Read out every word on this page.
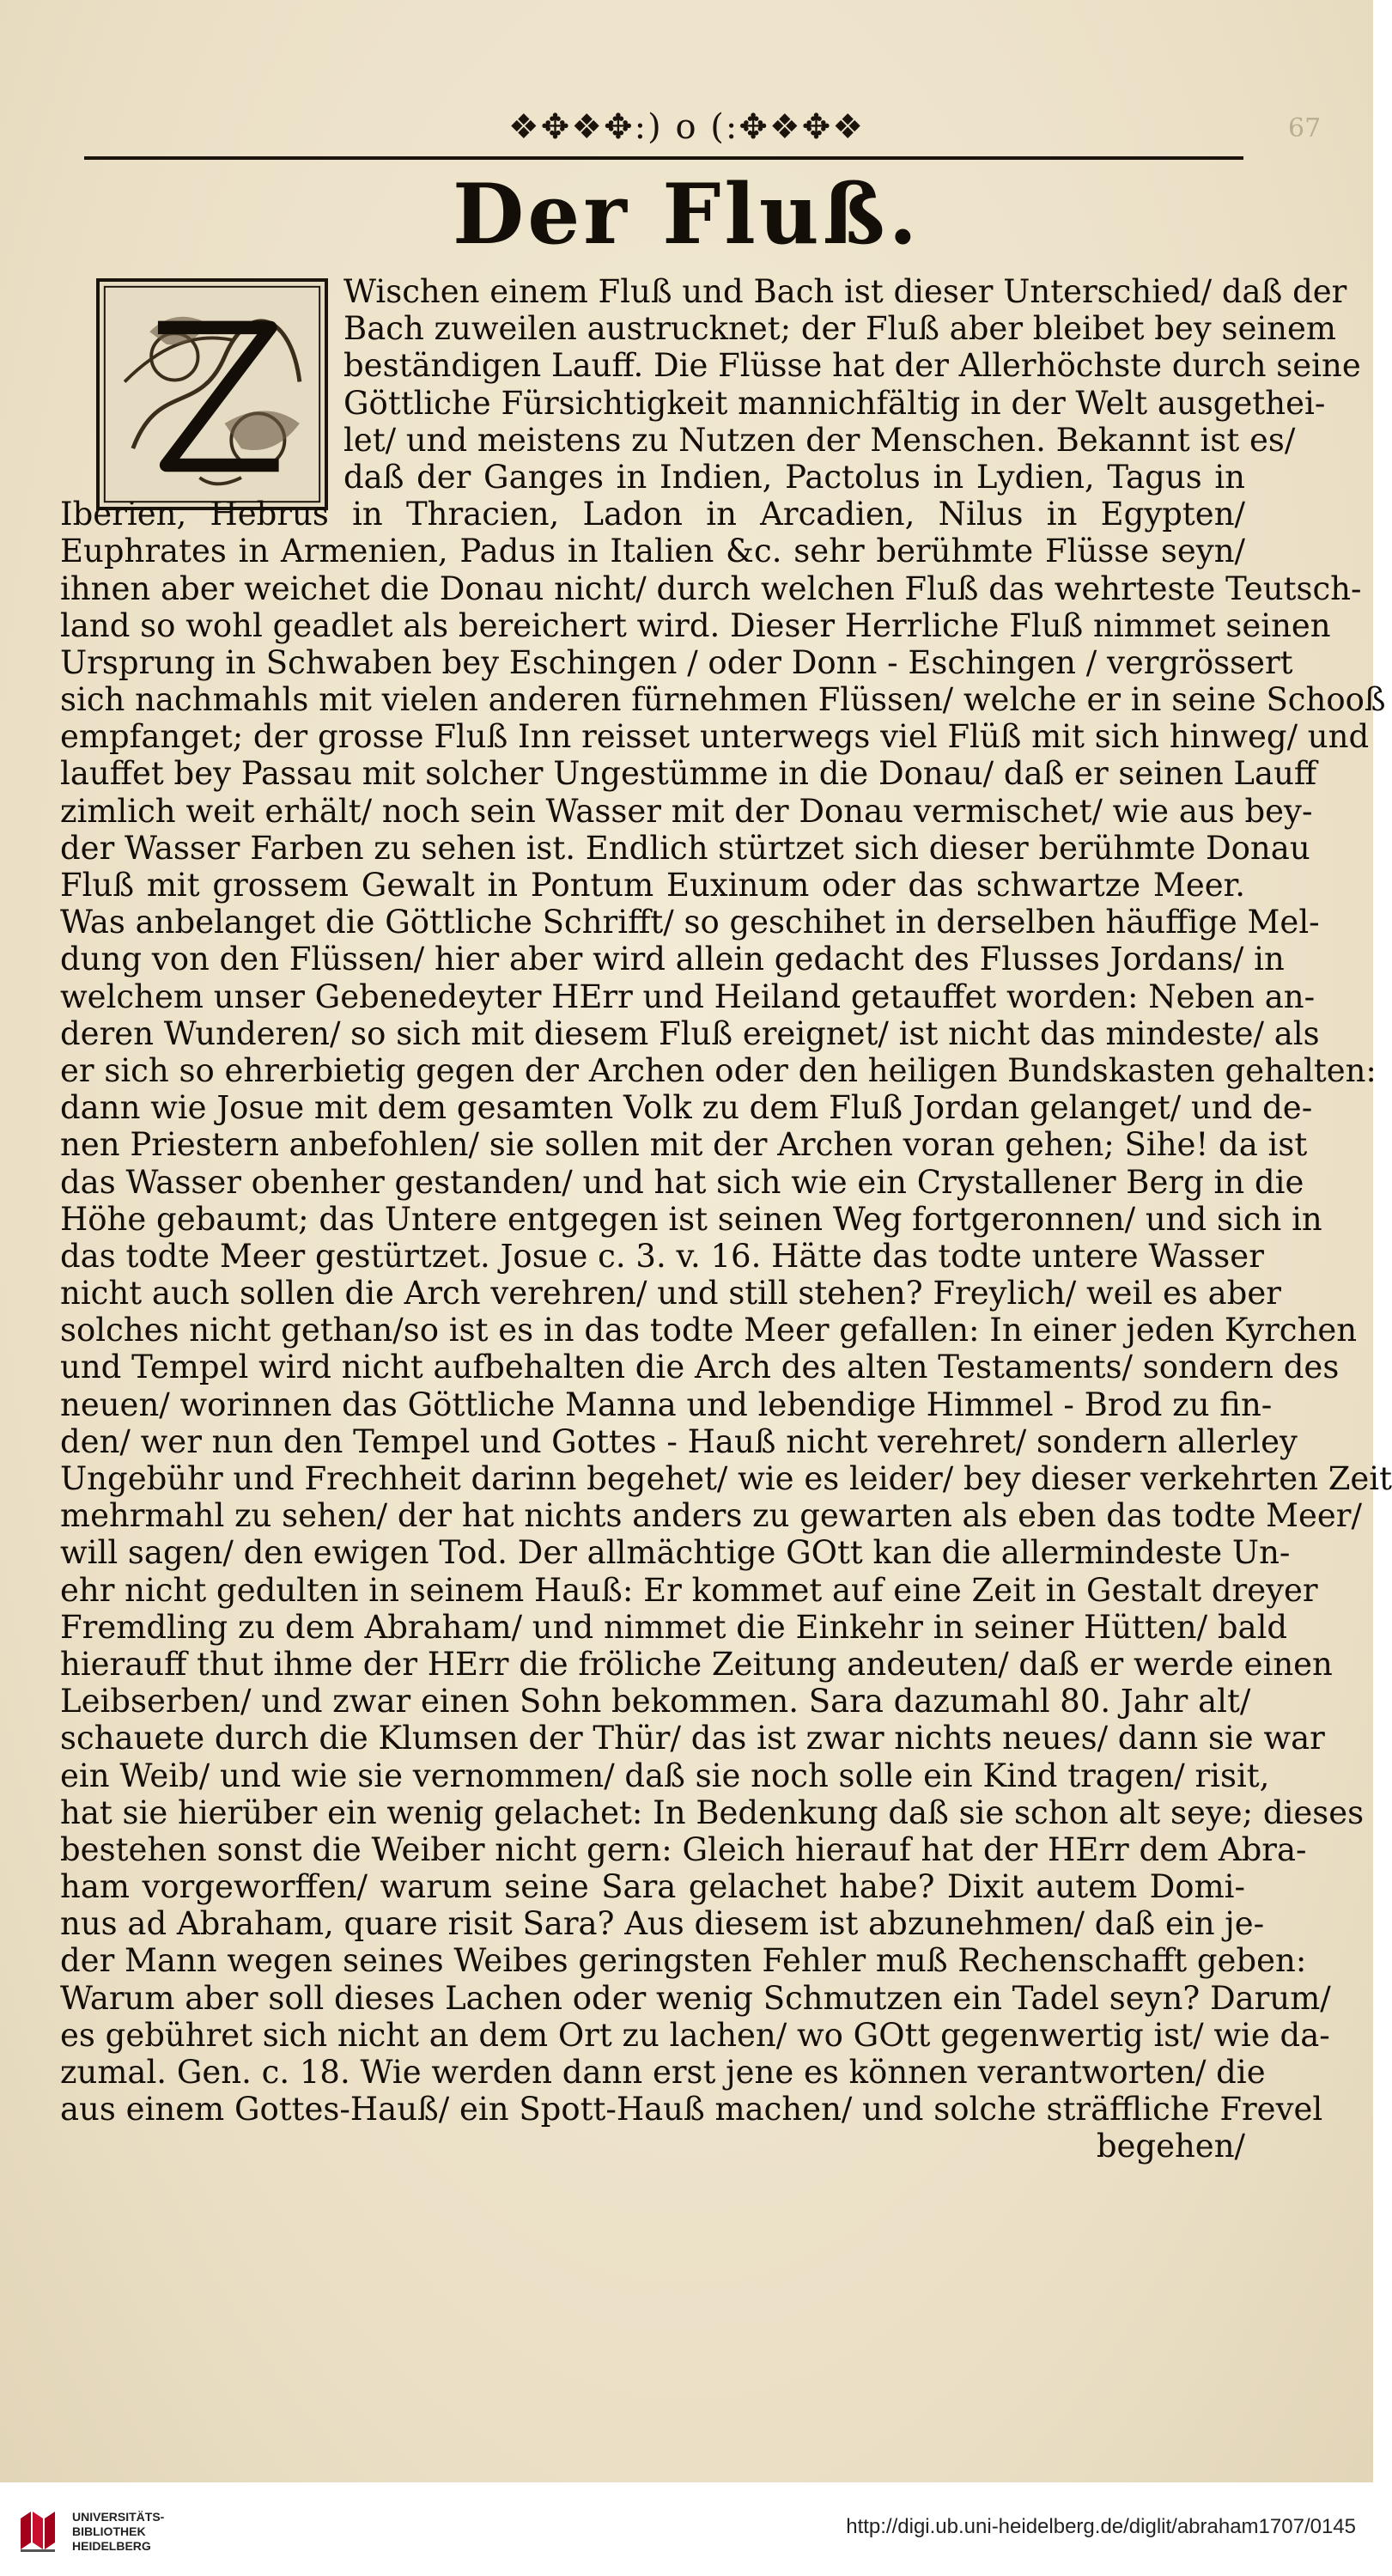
67
❖✥❖✥:) o (:✥❖✥❖
Der Fluß.
Wischen einem Fluß und Bach ist dieser Unterschied/ daß der
Bach zuweilen austrucknet; der Fluß aber bleibet bey seinem
beständigen Lauff. Die Flüsse hat der Allerhöchste durch seine
Göttliche Fürsichtigkeit mannichfältig in der Welt ausgethei-
let/ und meistens zu Nutzen der Menschen. Bekannt ist es/
daß der Ganges in Indien, Pactolus in Lydien, Tagus in
Iberien, Hebrus in Thracien, Ladon in Arcadien, Nilus in Egypten/
Euphrates in Armenien, Padus in Italien &c. sehr berühmte Flüsse seyn/
ihnen aber weichet die Donau nicht/ durch welchen Fluß das wehrteste Teutsch-
land so wohl geadlet als bereichert wird. Dieser Herrliche Fluß nimmet seinen
Ursprung in Schwaben bey Eschingen / oder Donn - Eschingen / vergrössert
sich nachmahls mit vielen anderen fürnehmen Flüssen/ welche er in seine Schooß
empfanget; der grosse Fluß Inn reisset unterwegs viel Flüß mit sich hinweg/ und
lauffet bey Passau mit solcher Ungestümme in die Donau/ daß er seinen Lauff
zimlich weit erhält/ noch sein Wasser mit der Donau vermischet/ wie aus bey-
der Wasser Farben zu sehen ist. Endlich stürtzet sich dieser berühmte Donau
Fluß mit grossem Gewalt in Pontum Euxinum oder das schwartze Meer.
Was anbelanget die Göttliche Schrifft/ so geschihet in derselben häuffige Mel-
dung von den Flüssen/ hier aber wird allein gedacht des Flusses Jordans/ in
welchem unser Gebenedeyter HErr und Heiland getauffet worden: Neben an-
deren Wunderen/ so sich mit diesem Fluß ereignet/ ist nicht das mindeste/ als
er sich so ehrerbietig gegen der Archen oder den heiligen Bundskasten gehalten:
dann wie Josue mit dem gesamten Volk zu dem Fluß Jordan gelanget/ und de-
nen Priestern anbefohlen/ sie sollen mit der Archen voran gehen; Sihe! da ist
das Wasser obenher gestanden/ und hat sich wie ein Crystallener Berg in die
Höhe gebaumt; das Untere entgegen ist seinen Weg fortgeronnen/ und sich in
das todte Meer gestürtzet. Josue c. 3. v. 16. Hätte das todte untere Wasser
nicht auch sollen die Arch verehren/ und still stehen? Freylich/ weil es aber
solches nicht gethan/so ist es in das todte Meer gefallen: In einer jeden Kyrchen
und Tempel wird nicht aufbehalten die Arch des alten Testaments/ sondern des
neuen/ worinnen das Göttliche Manna und lebendige Himmel - Brod zu fin-
den/ wer nun den Tempel und Gottes - Hauß nicht verehret/ sondern allerley
Ungebühr und Frechheit darinn begehet/ wie es leider/ bey dieser verkehrten Zeit
mehrmahl zu sehen/ der hat nichts anders zu gewarten als eben das todte Meer/
will sagen/ den ewigen Tod. Der allmächtige GOtt kan die allermindeste Un-
ehr nicht gedulten in seinem Hauß: Er kommet auf eine Zeit in Gestalt dreyer
Fremdling zu dem Abraham/ und nimmet die Einkehr in seiner Hütten/ bald
hierauff thut ihme der HErr die fröliche Zeitung andeuten/ daß er werde einen
Leibserben/ und zwar einen Sohn bekommen. Sara dazumahl 80. Jahr alt/
schauete durch die Klumsen der Thür/ das ist zwar nichts neues/ dann sie war
ein Weib/ und wie sie vernommen/ daß sie noch solle ein Kind tragen/ risit,
hat sie hierüber ein wenig gelachet: In Bedenkung daß sie schon alt seye; dieses
bestehen sonst die Weiber nicht gern: Gleich hierauf hat der HErr dem Abra-
ham vorgeworffen/ warum seine Sara gelachet habe? Dixit autem Domi-
nus ad Abraham, quare risit Sara? Aus diesem ist abzunehmen/ daß ein je-
der Mann wegen seines Weibes geringsten Fehler muß Rechenschafft geben:
Warum aber soll dieses Lachen oder wenig Schmutzen ein Tadel seyn? Darum/
es gebühret sich nicht an dem Ort zu lachen/ wo GOtt gegenwertig ist/ wie da-
zumal. Gen. c. 18. Wie werden dann erst jene es können verantworten/ die
aus einem Gottes-Hauß/ ein Spott-Hauß machen/ und solche sträffliche Frevel
begehen/
UNIVERSITÄTS-
BIBLIOTHEK
HEIDELBERG
http://digi.ub.uni-heidelberg.de/diglit/abraham1707/0145
